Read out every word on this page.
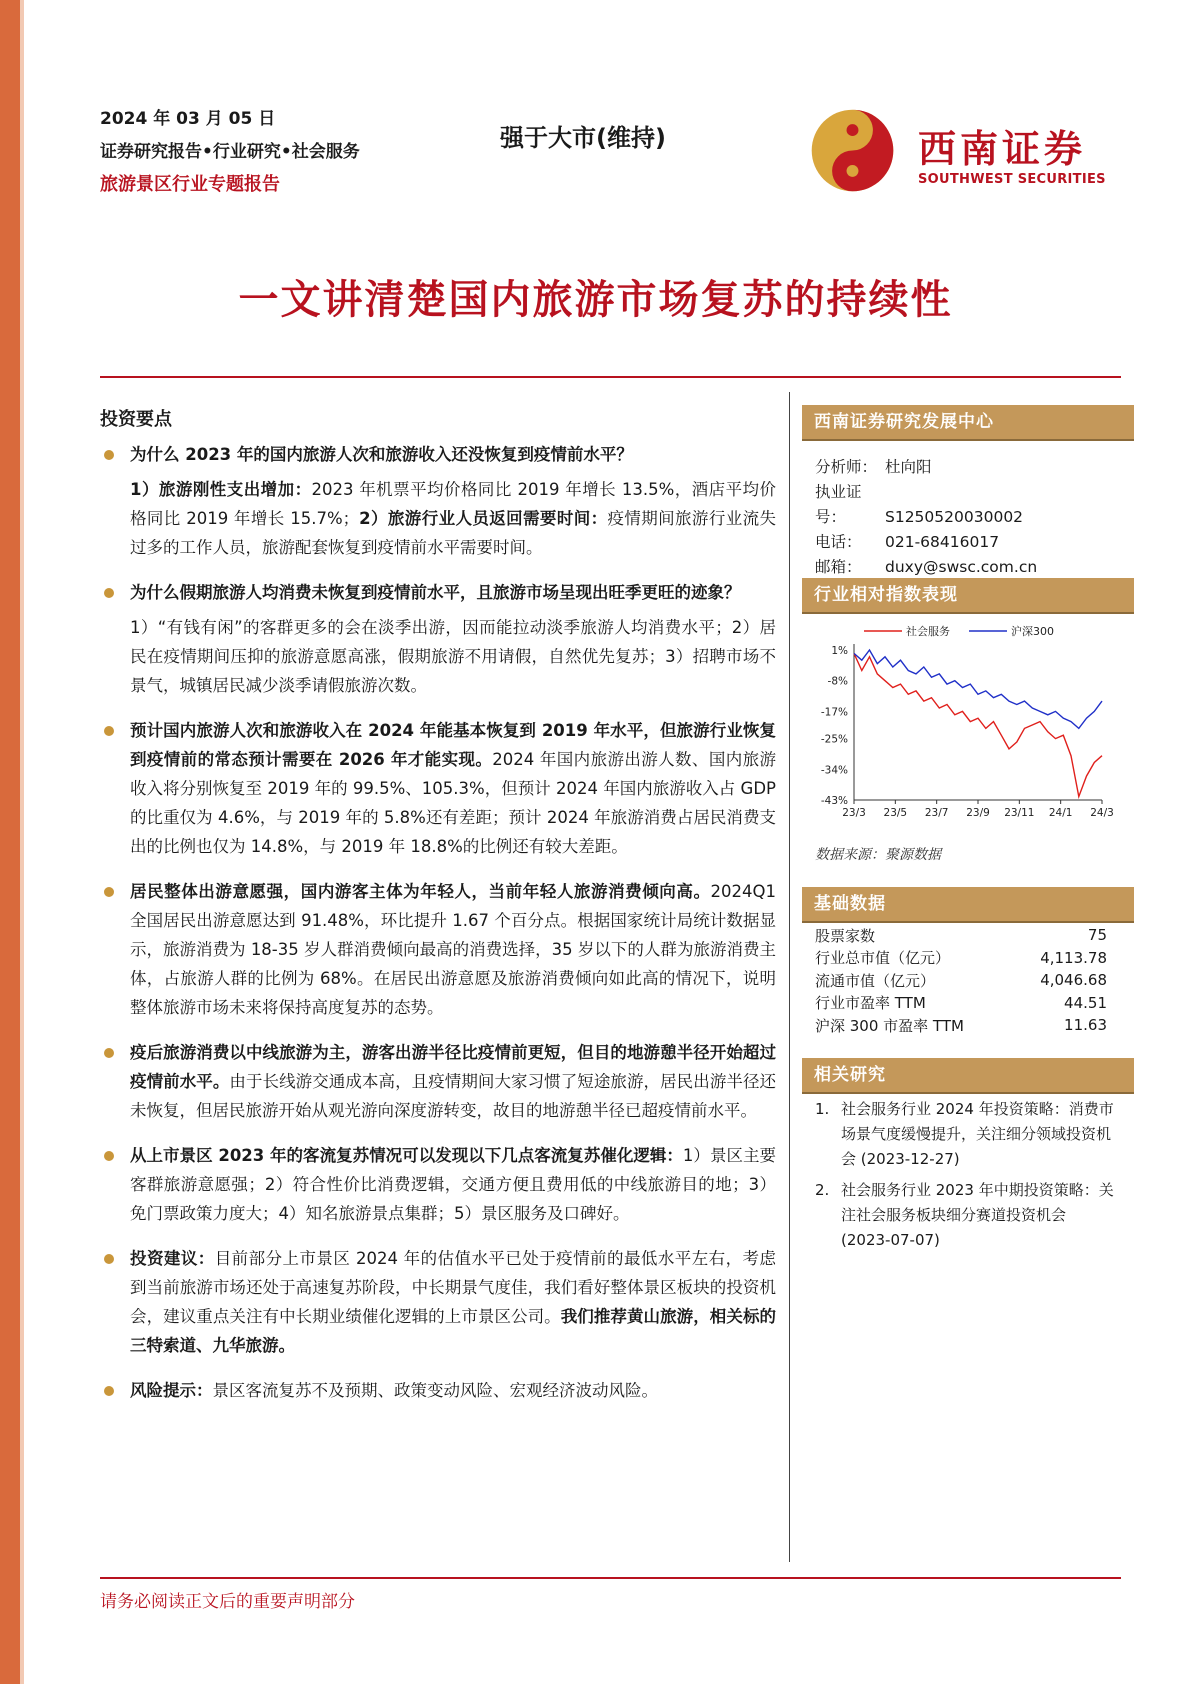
2024 年 03 月 05 日
证券研究报告•行业研究•社会服务
旅游景区行业专题报告
强于大市(维持)	西南证券
SOUTHWEST SECURITIES
一文讲清楚国内旅游市场复苏的持续性
投资要点
为什么 2023 年的国内旅游人次和旅游收入还没恢复到疫情前水平？
1）旅游刚性支出增加：2023 年机票平均价格同比 2019 年增长 13.5%，酒店平均价格同比 2019 年增长 15.7%；2）旅游行业人员返回需要时间：疫情期间旅游行业流失过多的工作人员，旅游配套恢复到疫情前水平需要时间。
为什么假期旅游人均消费未恢复到疫情前水平，且旅游市场呈现出旺季更旺的迹象？
1）“有钱有闲”的客群更多的会在淡季出游，因而能拉动淡季旅游人均消费水平；2）居民在疫情期间压抑的旅游意愿高涨，假期旅游不用请假，自然优先复苏；3）招聘市场不景气，城镇居民减少淡季请假旅游次数。
预计国内旅游人次和旅游收入在 2024 年能基本恢复到 2019 年水平，但旅游行业恢复到疫情前的常态预计需要在 2026 年才能实现。2024 年国内旅游出游人数、国内旅游收入将分别恢复至 2019 年的 99.5%、105.3%，但预计 2024 年国内旅游收入占 GDP 的比重仅为 4.6%，与 2019 年的 5.8%还有差距；预计 2024 年旅游消费占居民消费支出的比例也仅为 14.8%，与 2019 年 18.8%的比例还有较大差距。
居民整体出游意愿强，国内游客主体为年轻人，当前年轻人旅游消费倾向高。2024Q1 全国居民出游意愿达到 91.48%，环比提升 1.67 个百分点。根据国家统计局统计数据显示，旅游消费为 18-35 岁人群消费倾向最高的消费选择，35 岁以下的人群为旅游消费主体，占旅游人群的比例为 68%。在居民出游意愿及旅游消费倾向如此高的情况下，说明整体旅游市场未来将保持高度复苏的态势。
疫后旅游消费以中线旅游为主，游客出游半径比疫情前更短，但目的地游憩半径开始超过疫情前水平。由于长线游交通成本高，且疫情期间大家习惯了短途旅游，居民出游半径还未恢复，但居民旅游开始从观光游向深度游转变，故目的地游憩半径已超疫情前水平。
从上市景区 2023 年的客流复苏情况可以发现以下几点客流复苏催化逻辑：1）景区主要客群旅游意愿强；2）符合性价比消费逻辑，交通方便且费用低的中线旅游目的地；3）免门票政策力度大；4）知名旅游景点集群；5）景区服务及口碑好。
投资建议：目前部分上市景区 2024 年的估值水平已处于疫情前的最低水平左右，考虑到当前旅游市场还处于高速复苏阶段，中长期景气度佳，我们看好整体景区板块的投资机会，建议重点关注有中长期业绩催化逻辑的上市景区公司。我们推荐黄山旅游，相关标的三特索道、九华旅游。
风险提示：景区客流复苏不及预期、政策变动风险、宏观经济波动风险。
西南证券研究发展中心
分析师： 杜向阳
执业证号：	S1250520030002
电话： 021-68416017
邮箱： duxy@swsc.com.cn
行业相对指数表现
社会服务	沪深300
1%
-8%
-17%
-25%
-34%
-43%
23/3 23/5 23/7 23/9 23/11 24/1 24/3
数据来源：聚源数据
基础数据
股票家数	75
行业总市值（亿元）	4,113.78
流通市值（亿元）	4,046.68
行业市盈率 TTM	44.51
沪深 300 市盈率 TTM	11.63
相关研究
1. 社会服务行业 2024 年投资策略：消费市场景气度缓慢提升，关注细分领域投资机会 (2023-12-27)
2. 社会服务行业 2023 年中期投资策略：关注社会服务板块细分赛道投资机会 (2023-07-07)
请务必阅读正文后的重要声明部分
